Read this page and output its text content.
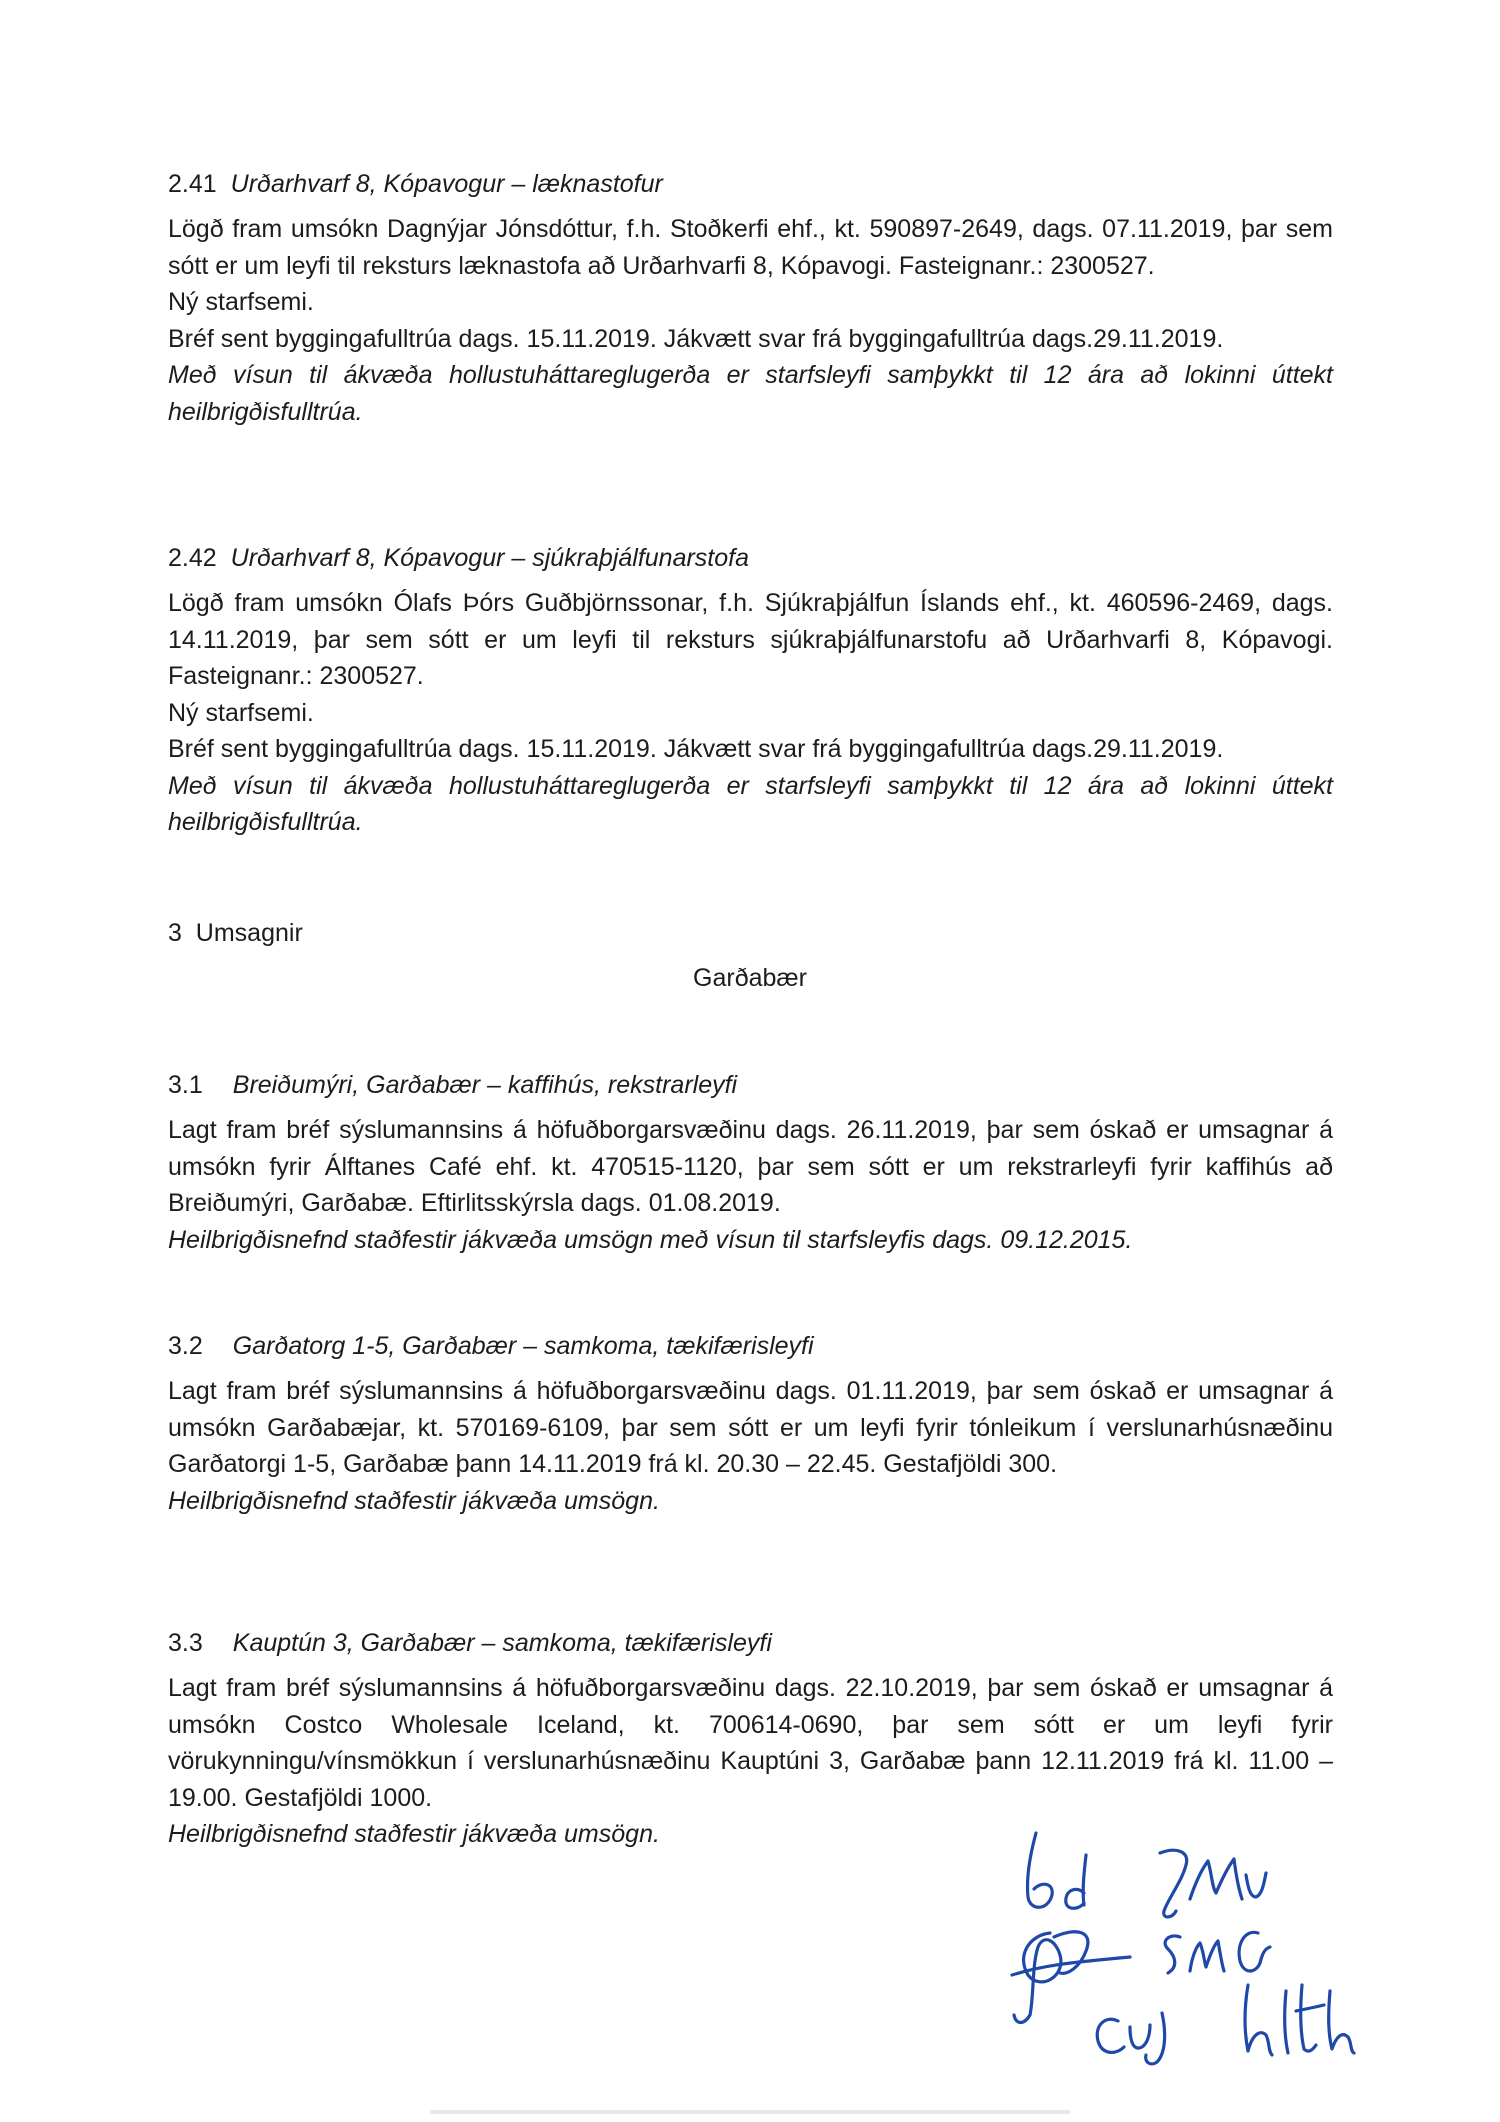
2.41 Urðarhvarf 8, Kópavogur – læknastofur

Lögð fram umsókn Dagnýjar Jónsdóttur, f.h. Stoðkerfi ehf., kt. 590897-2649, dags. 07.11.2019, þar sem sótt er um leyfi til reksturs læknastofa að Urðarhvarfi 8, Kópavogi. Fasteignanr.: 2300527.

Ný starfsemi.

Bréf sent byggingafulltrúa dags. 15.11.2019. Jákvætt svar frá byggingafulltrúa dags.29.11.2019.

Með vísun til ákvæða hollustuháttareglugerða er starfsleyfi samþykkt til 12 ára að lokinni úttekt heilbrigðisfulltrúa.

2.42 Urðarhvarf 8, Kópavogur – sjúkraþjálfunarstofa

Lögð fram umsókn Ólafs Þórs Guðbjörnssonar, f.h. Sjúkraþjálfun Íslands ehf., kt. 460596-2469, dags. 14.11.2019, þar sem sótt er um leyfi til reksturs sjúkraþjálfunarstofu að Urðarhvarfi 8, Kópavogi. Fasteignanr.: 2300527.

Ný starfsemi.

Bréf sent byggingafulltrúa dags. 15.11.2019. Jákvætt svar frá byggingafulltrúa dags.29.11.2019.

Með vísun til ákvæða hollustuháttareglugerða er starfsleyfi samþykkt til 12 ára að lokinni úttekt heilbrigðisfulltrúa.

3  Umsagnir
Garðabær
3.1 Breiðumýri, Garðabær – kaffihús, rekstrarleyfi

Lagt fram bréf sýslumannsins á höfuðborgarsvæðinu dags. 26.11.2019, þar sem óskað er umsagnar á umsókn fyrir Álftanes Café ehf. kt. 470515-1120, þar sem sótt er um rekstrarleyfi fyrir kaffihús að Breiðumýri, Garðabæ. Eftirlitsskýrsla dags. 01.08.2019.

Heilbrigðisnefnd staðfestir jákvæða umsögn með vísun til starfsleyfis dags. 09.12.2015.

3.2 Garðatorg 1-5, Garðabær – samkoma, tækifærisleyfi

Lagt fram bréf sýslumannsins á höfuðborgarsvæðinu dags. 01.11.2019, þar sem óskað er umsagnar á umsókn Garðabæjar, kt. 570169-6109, þar sem sótt er um leyfi fyrir tónleikum í verslunarhúsnæðinu Garðatorgi 1-5, Garðabæ þann 14.11.2019 frá kl. 20.30 – 22.45. Gestafjöldi 300.

Heilbrigðisnefnd staðfestir jákvæða umsögn.

3.3 Kauptún 3, Garðabær – samkoma, tækifærisleyfi

Lagt fram bréf sýslumannsins á höfuðborgarsvæðinu dags. 22.10.2019, þar sem óskað er umsagnar á umsókn Costco Wholesale Iceland, kt. 700614-0690, þar sem sótt er um leyfi fyrir vörukynningu/vínsmökkun í verslunarhúsnæðinu Kauptúni 3, Garðabæ þann 12.11.2019 frá kl. 11.00 – 19.00. Gestafjöldi 1000.

Heilbrigðisnefnd staðfestir jákvæða umsögn.
